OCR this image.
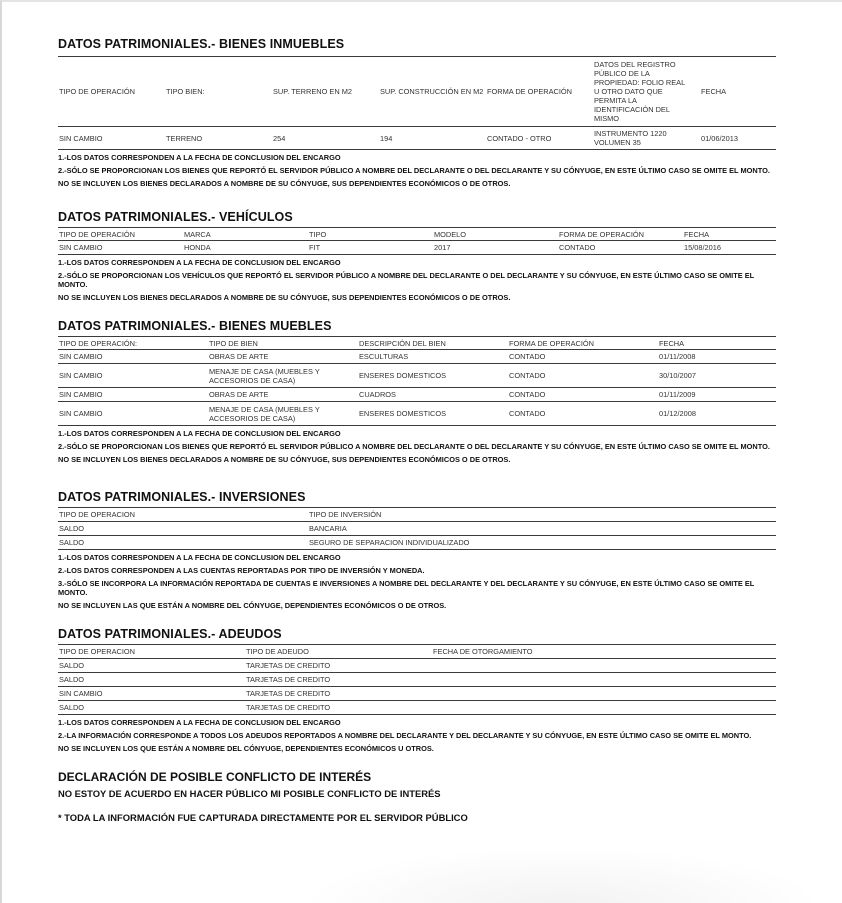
DATOS PATRIMONIALES.- BIENES INMUEBLES
TIPO DE OPERACIÓN	TIPO BIEN:	SUP. TERRENO EN M2	SUP. CONSTRUCCIÓN EN M2	FORMA DE OPERACIÓN	DATOS DEL REGISTRO PÚBLICO DE LA PROPIEDAD: FOLIO REAL U OTRO DATO QUE PERMITA LA IDENTIFICACIÓN DEL MISMO	FECHA
SIN CAMBIO	TERRENO	254	194	CONTADO - OTRO	INSTRUMENTO 1220 VOLUMEN 35	01/06/2013

1.-LOS DATOS CORRESPONDEN A LA FECHA DE CONCLUSION DEL ENCARGO

2.-SÓLO SE PROPORCIONAN LOS BIENES QUE REPORTÓ EL SERVIDOR PÚBLICO A NOMBRE DEL DECLARANTE O DEL DECLARANTE Y SU CÓNYUGE, EN ESTE ÚLTIMO CASO SE OMITE EL MONTO.

NO SE INCLUYEN LOS BIENES DECLARADOS A NOMBRE DE SU CÓNYUGE, SUS DEPENDIENTES ECONÓMICOS O DE OTROS.

DATOS PATRIMONIALES.- VEHÍCULOS
TIPO DE OPERACIÓN	MARCA	TIPO	MODELO	FORMA DE OPERACIÓN	FECHA
SIN CAMBIO	HONDA	FIT	2017	CONTADO	15/08/2016

1.-LOS DATOS CORRESPONDEN A LA FECHA DE CONCLUSION DEL ENCARGO

2.-SÓLO SE PROPORCIONAN LOS VEHÍCULOS QUE REPORTÓ EL SERVIDOR PÚBLICO A NOMBRE DEL DECLARANTE O DEL DECLARANTE Y SU CÓNYUGE, EN ESTE ÚLTIMO CASO SE OMITE EL MONTO.

NO SE INCLUYEN LOS BIENES DECLARADOS A NOMBRE DE SU CÓNYUGE, SUS DEPENDIENTES ECONÓMICOS O DE OTROS.

DATOS PATRIMONIALES.- BIENES MUEBLES
TIPO DE OPERACIÓN:	TIPO DE BIEN	DESCRIPCIÓN DEL BIEN	FORMA DE OPERACIÓN	FECHA
SIN CAMBIO	OBRAS DE ARTE	ESCULTURAS	CONTADO	01/11/2008
SIN CAMBIO	MENAJE DE CASA (MUEBLES Y ACCESORIOS DE CASA)	ENSERES DOMESTICOS	CONTADO	30/10/2007
SIN CAMBIO	OBRAS DE ARTE	CUADROS	CONTADO	01/11/2009
SIN CAMBIO	MENAJE DE CASA (MUEBLES Y ACCESORIOS DE CASA)	ENSERES DOMESTICOS	CONTADO	01/12/2008

1.-LOS DATOS CORRESPONDEN A LA FECHA DE CONCLUSION DEL ENCARGO

2.-SÓLO SE PROPORCIONAN LOS BIENES QUE REPORTÓ EL SERVIDOR PÚBLICO A NOMBRE DEL DECLARANTE O DEL DECLARANTE Y SU CÓNYUGE, EN ESTE ÚLTIMO CASO SE OMITE EL MONTO.

NO SE INCLUYEN LOS BIENES DECLARADOS A NOMBRE DE SU CÓNYUGE, SUS DEPENDIENTES ECONÓMICOS O DE OTROS.

DATOS PATRIMONIALES.- INVERSIONES
TIPO DE OPERACION	TIPO DE INVERSIÓN	
SALDO	BANCARIA	
SALDO	SEGURO DE SEPARACION INDIVIDUALIZADO	

1.-LOS DATOS CORRESPONDEN A LA FECHA DE CONCLUSION DEL ENCARGO

2.-LOS DATOS CORRESPONDEN A LAS CUENTAS REPORTADAS POR TIPO DE INVERSIÓN Y MONEDA.

3.-SÓLO SE INCORPORA LA INFORMACIÓN REPORTADA DE CUENTAS E INVERSIONES A NOMBRE DEL DECLARANTE Y DEL DECLARANTE Y SU CÓNYUGE, EN ESTE ÚLTIMO CASO SE OMITE EL MONTO.

NO SE INCLUYEN LAS QUE ESTÁN A NOMBRE DEL CÓNYUGE, DEPENDIENTES ECONÓMICOS O DE OTROS.

DATOS PATRIMONIALES.- ADEUDOS
TIPO DE OPERACION	TIPO DE ADEUDO	FECHA DE OTORGAMIENTO	
SALDO	TARJETAS DE CREDITO		
SALDO	TARJETAS DE CREDITO		
SIN CAMBIO	TARJETAS DE CREDITO		
SALDO	TARJETAS DE CREDITO		

1.-LOS DATOS CORRESPONDEN A LA FECHA DE CONCLUSION DEL ENCARGO

2.-LA INFORMACIÓN CORRESPONDE A TODOS LOS ADEUDOS REPORTADOS A NOMBRE DEL DECLARANTE Y DEL DECLARANTE Y SU CÓNYUGE, EN ESTE ÚLTIMO CASO SE OMITE EL MONTO.

NO SE INCLUYEN LOS QUE ESTÁN A NOMBRE DEL CÓNYUGE, DEPENDIENTES ECONÓMICOS U OTROS.

DECLARACIÓN DE POSIBLE CONFLICTO DE INTERÉS

NO ESTOY DE ACUERDO EN HACER PÚBLICO MI POSIBLE CONFLICTO DE INTERÉS

* TODA LA INFORMACIÓN FUE CAPTURADA DIRECTAMENTE POR EL SERVIDOR PÚBLICO
